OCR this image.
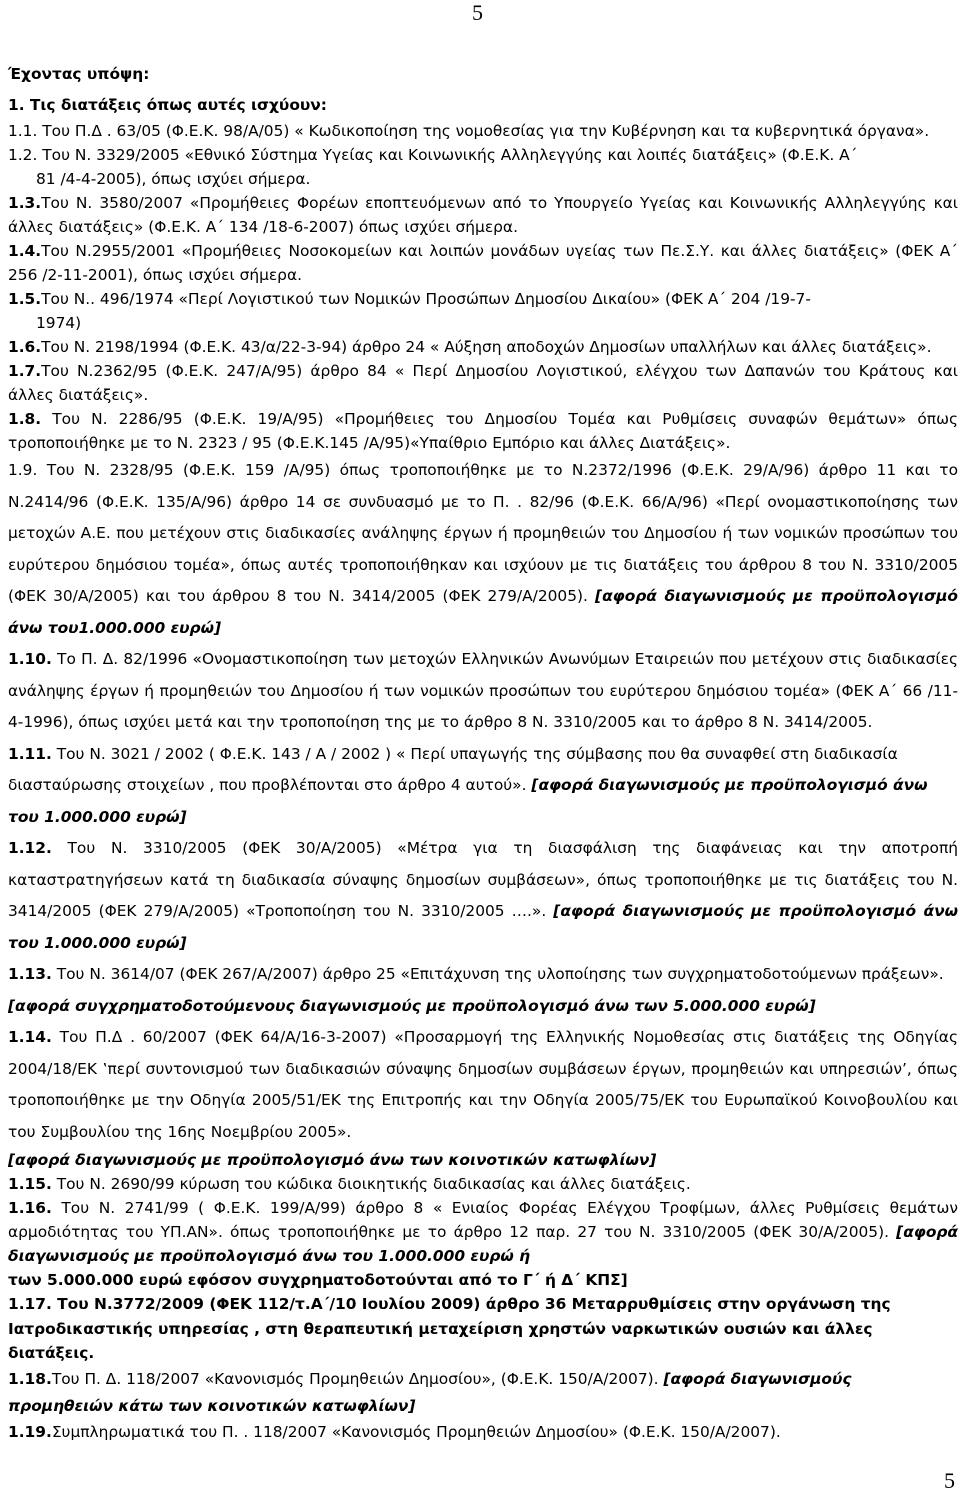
5

Έχοντας υπόψη:

1. Τις διατάξεις όπως αυτές ισχύουν:

1.1. Του Π.Δ . 63/05 (Φ.Ε.Κ. 98/Α/05) « Κωδικοποίηση της νομοθεσίας για την Κυβέρνηση και τα κυβερνητικά όργανα».

1.2. Του Ν. 3329/2005 «Εθνικό Σύστημα Υγείας και Κοινωνικής Αλληλεγγύης και λοιπές διατάξεις» (Φ.Ε.Κ. Α΄

81 /4-4-2005), όπως ισχύει σήμερα.

1.3.Του Ν. 3580/2007 «Προμήθειες Φορέων εποπτευόμενων από το Υπουργείο Υγείας και Κοινωνικής Αλληλεγγύης και άλλες διατάξεις» (Φ.Ε.Κ. Α΄ 134 /18-6-2007) όπως ισχύει σήμερα.

1.4.Του Ν.2955/2001 «Προμήθειες Νοσοκομείων και λοιπών μονάδων υγείας των Πε.Σ.Υ. και άλλες διατάξεις» (ΦΕΚ Α΄ 256 /2-11-2001), όπως ισχύει σήμερα.

1.5.Του Ν.. 496/1974 «Περί Λογιστικού των Νομικών Προσώπων Δημοσίου Δικαίου» (ΦΕΚ Α΄ 204 /19-7-

1974)

1.6.Του Ν. 2198/1994 (Φ.Ε.Κ. 43/α/22-3-94) άρθρο 24 « Αύξηση αποδοχών Δημοσίων υπαλλήλων και άλλες διατάξεις».

1.7.Του Ν.2362/95 (Φ.Ε.Κ. 247/Α/95) άρθρο 84 « Περί Δημοσίου Λογιστικού, ελέγχου των Δαπανών του Κράτους και άλλες διατάξεις».

1.8. Του Ν. 2286/95 (Φ.Ε.Κ. 19/Α/95) «Προμήθειες του Δημοσίου Τομέα και Ρυθμίσεις συναφών θεμάτων» όπως τροποποιήθηκε με το Ν. 2323 / 95 (Φ.Ε.Κ.145 /Α/95)«Υπαίθριο Εμπόριο και άλλες Διατάξεις».

1.9. Του Ν. 2328/95 (Φ.Ε.Κ. 159 /Α/95) όπως τροποποιήθηκε με το Ν.2372/1996 (Φ.Ε.Κ. 29/Α/96) άρθρο 11 και το Ν.2414/96 (Φ.Ε.Κ. 135/Α/96) άρθρο 14 σε συνδυασμό με το Π. . 82/96 (Φ.Ε.Κ. 66/Α/96) «Περί ονομαστικοποίησης των μετοχών Α.Ε. που μετέχουν στις διαδικασίες ανάληψης έργων ή προμηθειών του Δημοσίου ή των νομικών προσώπων του ευρύτερου δημόσιου τομέα», όπως αυτές τροποποιήθηκαν και ισχύουν με τις διατάξεις του άρθρου 8 του Ν. 3310/2005 (ΦΕΚ 30/Α/2005) και του άρθρου 8 του Ν. 3414/2005 (ΦΕΚ 279/Α/2005). [αφορά διαγωνισμούς με προϋπολογισμό άνω του1.000.000 ευρώ]

1.10. Το Π. Δ. 82/1996 «Ονομαστικοποίηση των μετοχών Ελληνικών Ανωνύμων Εταιρειών που μετέχουν στις διαδικασίες ανάληψης έργων ή προμηθειών του Δημοσίου ή των νομικών προσώπων του ευρύτερου δημόσιου τομέα» (ΦΕΚ Α΄ 66 /11-4-1996), όπως ισχύει μετά και την τροποποίηση της με το άρθρο 8 Ν. 3310/2005 και το άρθρο 8 Ν. 3414/2005.

1.11. Του Ν. 3021 / 2002 ( Φ.Ε.Κ. 143 / Α / 2002 ) « Περί υπαγωγής της σύμβασης που θα συναφθεί στη διαδικασία διασταύρωσης στοιχείων , που προβλέπονται στο άρθρο 4 αυτού». [αφορά διαγωνισμούς με προϋπολογισμό άνω του 1.000.000 ευρώ]

1.12. Του Ν. 3310/2005 (ΦΕΚ 30/Α/2005) «Μέτρα για τη διασφάλιση της διαφάνειας και την αποτροπή καταστρατηγήσεων κατά τη διαδικασία σύναψης δημοσίων συμβάσεων», όπως τροποποιήθηκε με τις διατάξεις του Ν. 3414/2005 (ΦΕΚ 279/Α/2005) «Τροποποίηση του Ν. 3310/2005 ….». [αφορά διαγωνισμούς με προϋπολογισμό άνω του 1.000.000 ευρώ]

1.13. Του Ν. 3614/07 (ΦΕΚ 267/Α/2007) άρθρο 25 «Επιτάχυνση της υλοποίησης των συγχρηματοδοτούμενων πράξεων». [αφορά συγχρηματοδοτούμενους διαγωνισμούς με προϋπολογισμό άνω των 5.000.000 ευρώ]

1.14. Του Π.Δ . 60/2007 (ΦΕΚ 64/Α/16-3-2007) «Προσαρμογή της Ελληνικής Νομοθεσίας στις διατάξεις της Οδηγίας 2004/18/ΕΚ ‛περί συντονισμού των διαδικασιών σύναψης δημοσίων συμβάσεων έργων, προμηθειών και υπηρεσιών’, όπως τροποποιήθηκε με την Οδηγία 2005/51/ΕΚ της Επιτροπής και την Οδηγία 2005/75/ΕΚ του Ευρωπαϊκού Κοινοβουλίου και του Συμβουλίου της 16ης Νοεμβρίου 2005».

[αφορά διαγωνισμούς με προϋπολογισμό άνω των κοινοτικών κατωφλίων]

1.15. Του Ν. 2690/99 κύρωση του κώδικα διοικητικής διαδικασίας και άλλες διατάξεις.

1.16. Του Ν. 2741/99 ( Φ.Ε.Κ. 199/Α/99) άρθρο 8 « Ενιαίος Φορέας Ελέγχου Τροφίμων, άλλες Ρυθμίσεις θεμάτων αρμοδιότητας του ΥΠ.ΑΝ». όπως τροποποιήθηκε με το άρθρο 12 παρ. 27 του Ν. 3310/2005 (ΦΕΚ 30/Α/2005). [αφορά διαγωνισμούς με προϋπολογισμό άνω του 1.000.000 ευρώ ή

των 5.000.000 ευρώ εφόσον συγχρηματοδοτούνται από το Γ΄ ή Δ΄ ΚΠΣ]

1.17. Του Ν.3772/2009 (ΦΕΚ 112/τ.Α΄/10 Ιουλίου 2009) άρθρο 36 Μεταρρυθμίσεις στην οργάνωση της Ιατροδικαστικής υπηρεσίας , στη θεραπευτική μεταχείριση χρηστών ναρκωτικών ουσιών και άλλες διατάξεις.

1.18.Του Π. Δ. 118/2007 «Κανονισμός Προμηθειών Δημοσίου», (Φ.Ε.Κ. 150/Α/2007). [αφορά διαγωνισμούς προμηθειών κάτω των κοινοτικών κατωφλίων]

1.19.Συμπληρωματικά του Π. . 118/2007 «Κανονισμός Προμηθειών Δημοσίου» (Φ.Ε.Κ. 150/Α/2007).

5
